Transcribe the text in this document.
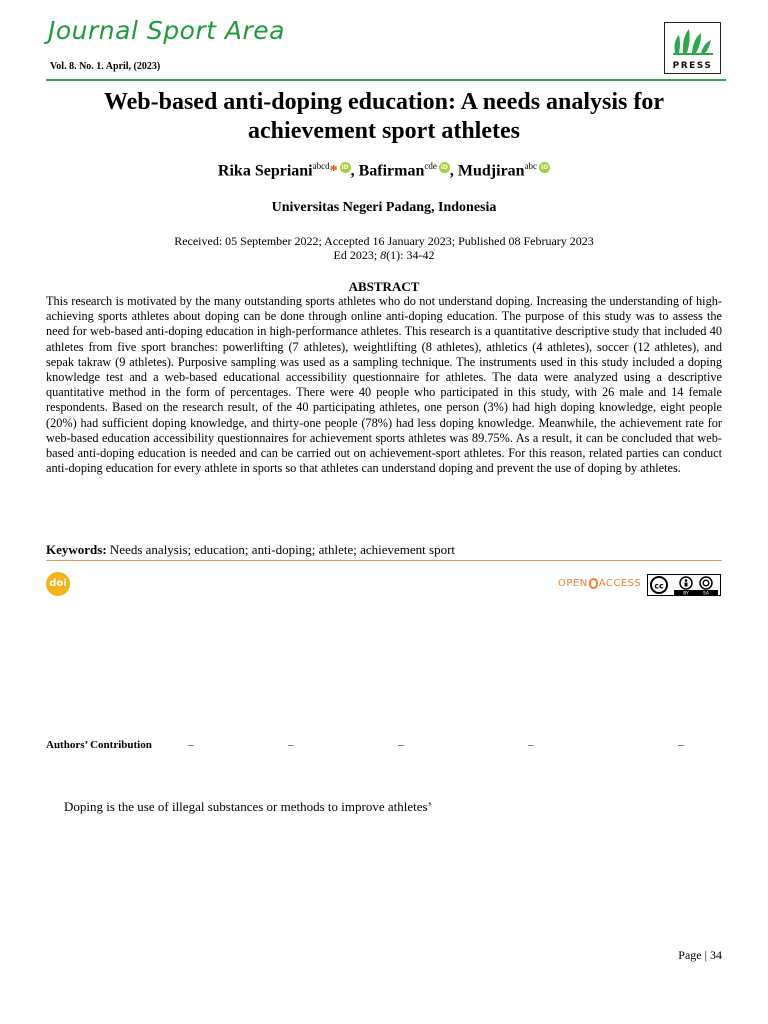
Journal Sport Area
Vol. 8. No. 1. April, (2023)	PRESS
Web-based anti-doping education: A needs analysis for achievement sport athletes
Rika Sepriani$^{abcd}$* iD , Bafirman$^{cde}$ iD , Mudjiran$^{abc}$ iD
Universitas Negeri Padang, Indonesia
Received: 05 September 2022; Accepted 16 January 2023; Published 08 February 2023
Ed 2023; 8(1): 34-42
ABSTRACT

This research is motivated by the many outstanding sports athletes who do not understand doping. Increasing the understanding of high-achieving sports athletes about doping can be done through online anti-doping education. The purpose of this study was to assess the need for web-based anti-doping education in high-performance athletes. This research is a quantitative descriptive study that included 40 athletes from five sport branches: powerlifting (7 athletes), weightlifting (8 athletes), athletics (4 athletes), soccer (12 athletes), and sepak takraw (9 athletes). Purposive sampling was used as a sampling technique. The instruments used in this study included a doping knowledge test and a web-based educational accessibility questionnaire for athletes. The data were analyzed using a descriptive quantitative method in the form of percentages. There were 40 people who participated in this study, with 26 male and 14 female respondents. Based on the research result, of the 40 participating athletes, one person (3%) had high doping knowledge, eight people (20%) had sufficient doping knowledge, and thirty-one people (78%) had less doping knowledge. Meanwhile, the achievement rate for web-based education accessibility questionnaires for achievement sports athletes was 89.75%. As a result, it can be concluded that web-based anti-doping education is needed and can be carried out on achievement-sport athletes. For this reason, related parties can conduct anti-doping education for every athlete in sports so that athletes can understand doping and prevent the use of doping by athletes.

Keywords: Needs analysis; education; anti-doping; athlete; achievement sport
doi	OPEN ACCESS cc
BY	SA
Authors’ Contribution	–	–	–	–	–
Doping is the use of illegal substances or methods to improve athletes’
Page | 34
